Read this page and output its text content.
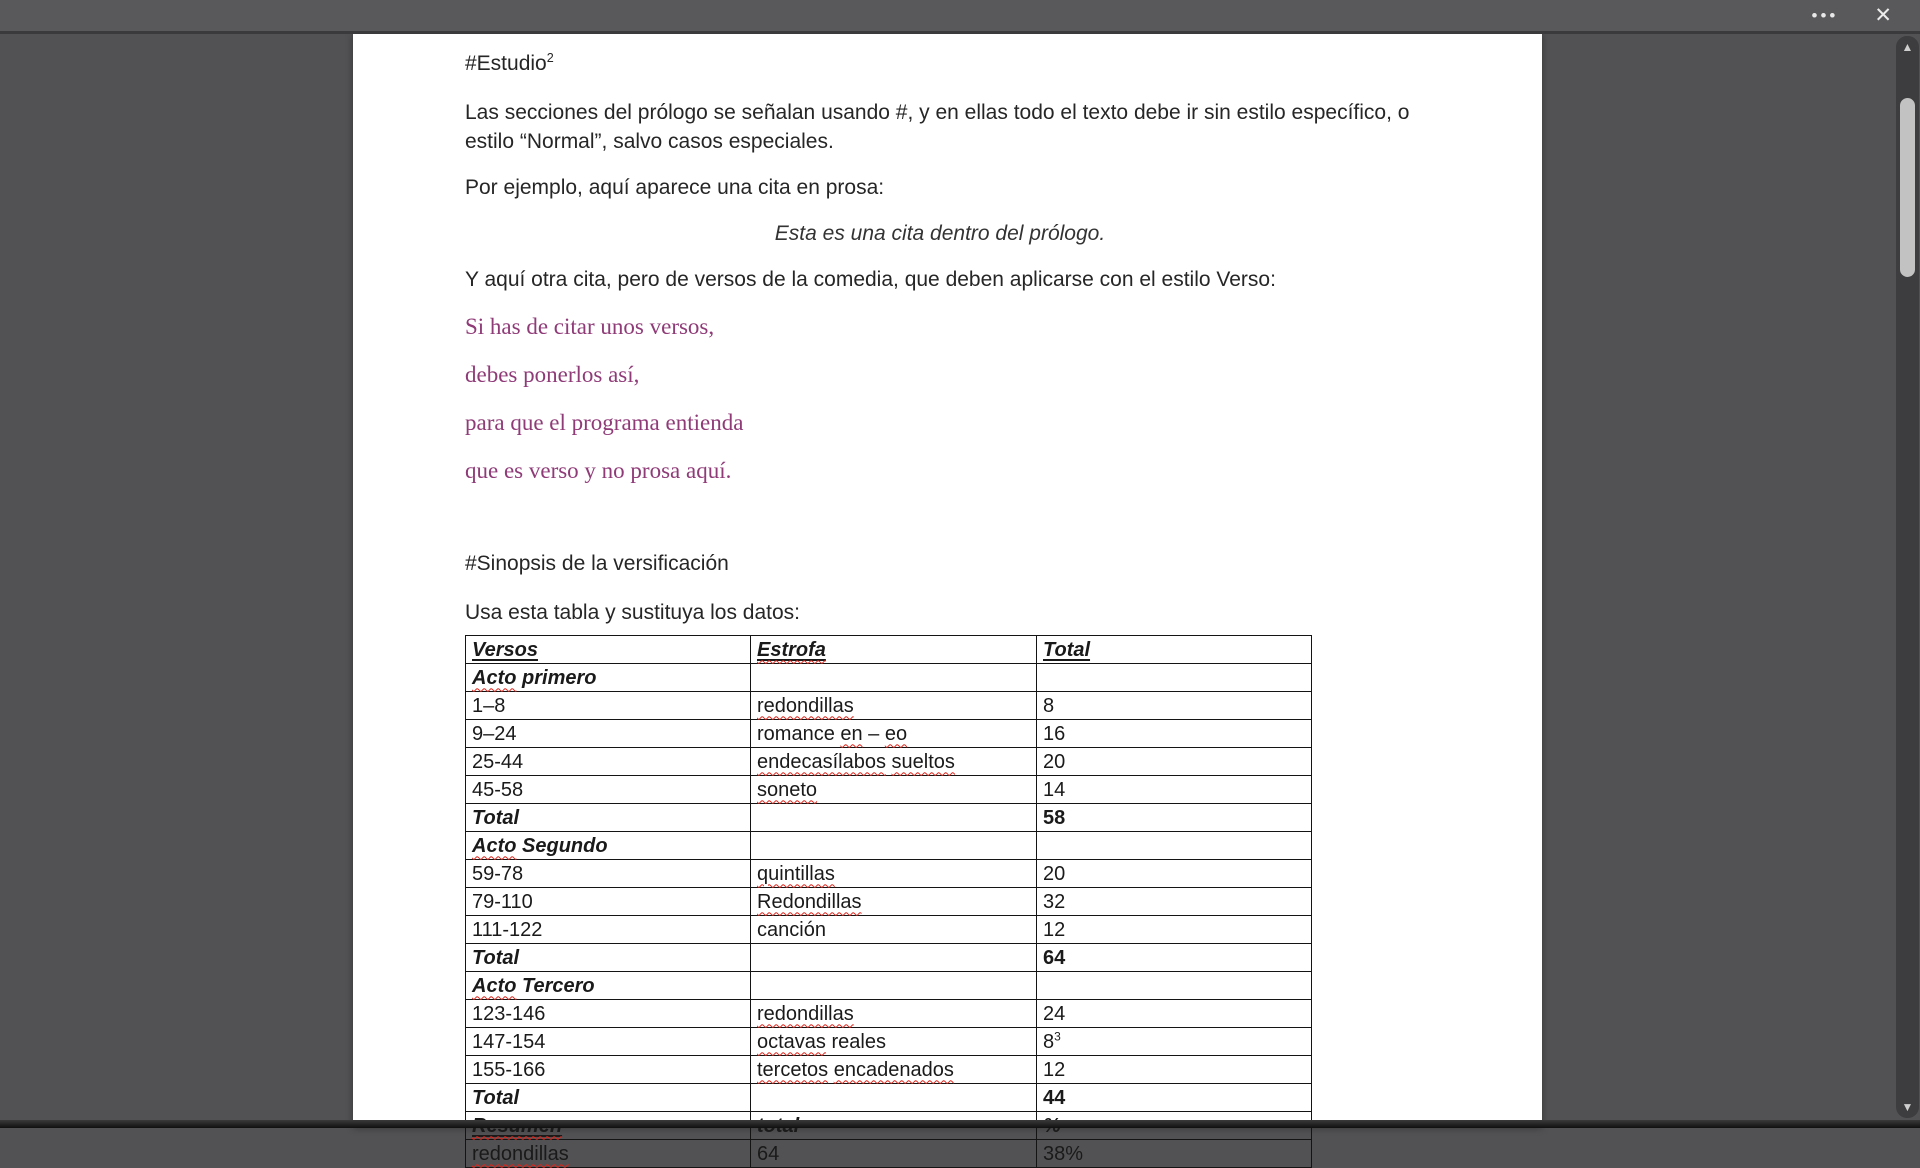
••• ✕

#Estudio$^2$

Las secciones del prólogo se señalan usando #, y en ellas todo el texto debe ir sin estilo específico, o
estilo “Normal”, salvo casos especiales.

Por ejemplo, aquí aparece una cita en prosa:

Esta es una cita dentro del prólogo.

Y aquí otra cita, pero de versos de la comedia, que deben aplicarse con el estilo Verso:

Si has de citar unos versos,

debes ponerlos así,

para que el programa entienda

que es verso y no prosa aquí.

#Sinopsis de la versificación

Usa esta tabla y sustituya los datos:

Versos	Estrofa	Total
Acto primero		
1–8	redondillas	8
9–24	romance en – eo	16
25-44	endecasílabos sueltos	20
45-58	soneto	14
Total		58
Acto Segundo		
59-78	quintillas	20
79-110	Redondillas	32
111-122	canción	12
Total		64
Acto Tercero		
123-146	redondillas	24
147-154	octavas reales	$8^3$
155-166	tercetos encadenados	12
Total		44

redondillas	64	38%
▲
▼
